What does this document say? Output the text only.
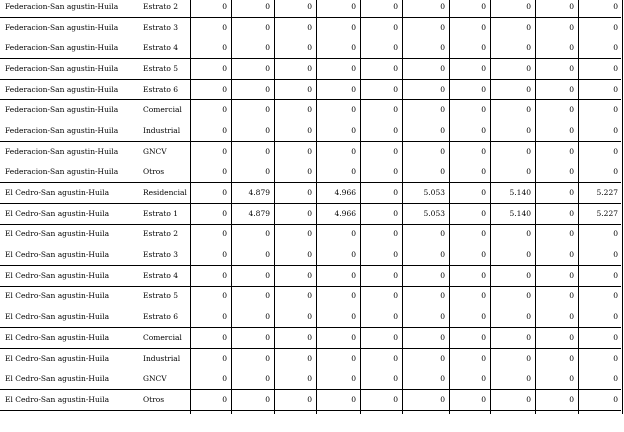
Federacion-San agustin-Huila	Estrato 2	0	0	0	0	0	0	0	0	0	0
Federacion-San agustin-Huila	Estrato 3	0	0	0	0	0	0	0	0	0	0
Federacion-San agustin-Huila	Estrato 4	0	0	0	0	0	0	0	0	0	0
Federacion-San agustin-Huila	Estrato 5	0	0	0	0	0	0	0	0	0	0
Federacion-San agustin-Huila	Estrato 6	0	0	0	0	0	0	0	0	0	0
Federacion-San agustin-Huila	Comercial	0	0	0	0	0	0	0	0	0	0
Federacion-San agustin-Huila	Industrial	0	0	0	0	0	0	0	0	0	0
Federacion-San agustin-Huila	GNCV	0	0	0	0	0	0	0	0	0	0
Federacion-San agustin-Huila	Otros	0	0	0	0	0	0	0	0	0	0
El Cedro-San agustin-Huila	Residencial	0	4.879	0	4.966	0	5.053	0	5.140	0	5.227
El Cedro-San agustin-Huila	Estrato 1	0	4.879	0	4.966	0	5.053	0	5.140	0	5.227
El Cedro-San agustin-Huila	Estrato 2	0	0	0	0	0	0	0	0	0	0
El Cedro-San agustin-Huila	Estrato 3	0	0	0	0	0	0	0	0	0	0
El Cedro-San agustin-Huila	Estrato 4	0	0	0	0	0	0	0	0	0	0
El Cedro-San agustin-Huila	Estrato 5	0	0	0	0	0	0	0	0	0	0
El Cedro-San agustin-Huila	Estrato 6	0	0	0	0	0	0	0	0	0	0
El Cedro-San agustin-Huila	Comercial	0	0	0	0	0	0	0	0	0	0
El Cedro-San agustin-Huila	Industrial	0	0	0	0	0	0	0	0	0	0
El Cedro-San agustin-Huila	GNCV	0	0	0	0	0	0	0	0	0	0
El Cedro-San agustin-Huila	Otros	0	0	0	0	0	0	0	0	0	0
